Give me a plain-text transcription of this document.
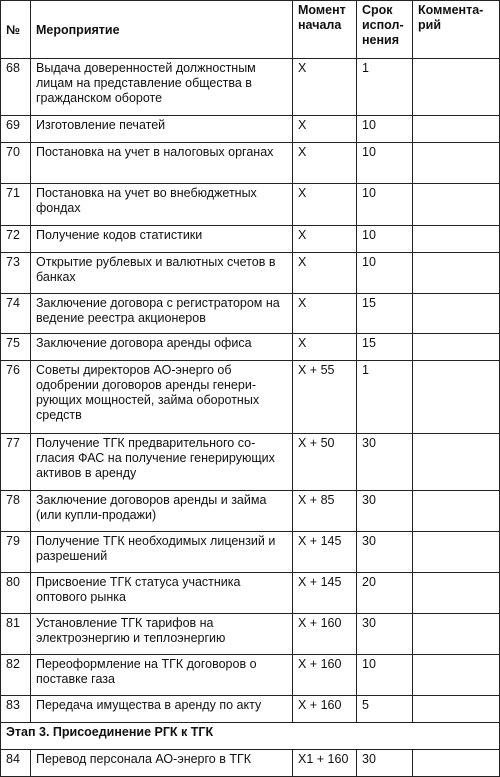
№	Мероприятие	Момент начала	Срок исполнения	Комментарий
68	Выдача доверенностей должностным лицам на представление общества в гражданском обороте	X	1	
69	Изготовление печатей	X	10	
70	Постановка на учет в налоговых органах	X	10	
71	Постановка на учет во внебюджетных фондах	X	10	
72	Получение кодов статистики	X	10	
73	Открытие рублевых и валютных счетов в банках	X	10	
74	Заключение договора с регистратором на ведение реестра акционеров	X	15	
75	Заключение договора аренды офиса	X	15	
76	Советы директоров АО-энерго об одобрении договоров аренды генерирующих мощностей, займа оборотных средств	X + 55	1	
77	Получение ТГК предварительного согласия ФАС на получение генерирующих активов в аренду	X + 50	30	
78	Заключение договоров аренды и займа (или купли-продажи)	X + 85	30	
79	Получение ТГК необходимых лицензий и разрешений	X + 145	30	
80	Присвоение ТГК статуса участника оптового рынка	X + 145	20	
81	Установление ТГК тарифов на электроэнергию и теплоэнергию	X + 160	30	
82	Переоформление на ТГК договоров о поставке газа	X + 160	10	
83	Передача имущества в аренду по акту	X + 160	5	
Этап 3. Присоединение РГК к ТГК				
84	Перевод персонала АО-энерго в ТГК	X1 + 160	30	
